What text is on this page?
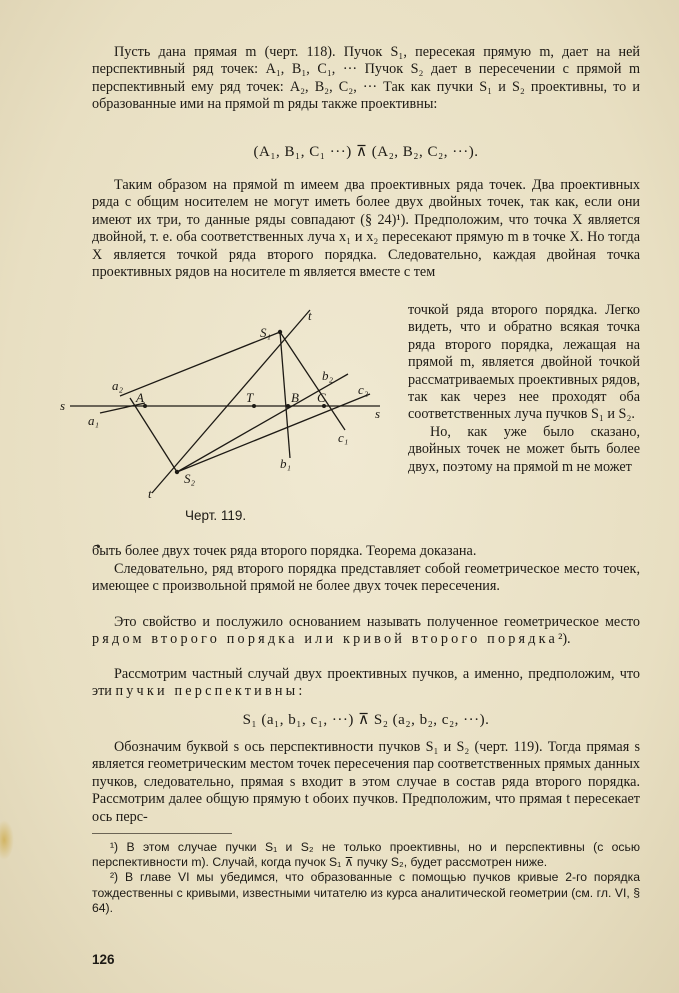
Пусть дана прямая m (черт. 118). Пучок S₁, пересекая прямую m, дает на ней перспективный ряд точек: A₁, B₁, C₁, ··· Пучок S₂ дает в пересечении с прямой m перспективный ему ряд точек: A₂, B₂, C₂, ··· Так как пучки S₁ и S₂ проективны, то и образованные ими на прямой m ряды также проективны:

(A₁, B₁, C₁ ···) ⊼ (A₂, B₂, C₂, ···).

Таким образом на прямой m имеем два проективных ряда точек. Два проективных ряда с общим носителем не могут иметь более двух двойных точек, так как, если они имеют их три, то данные ряды совпадают (§ 24)¹). Предположим, что точка X является двойной, т. е. оба соответственных луча x₁ и x₂ пересекают прямую m в точке X. Но тогда X является точкой ряда второго порядка. Следовательно, каждая двойная точка проективных рядов на носителе m является вместе с тем

S₁
S₂
A	T	B C
s
s
a₂
a₁
b₂
b₁
c₂
c₁
t
t
Черт. 119.

точкой ряда второго порядка. Легко видеть, что и обратно всякая точка ряда второго порядка, лежащая на прямой m, является двойной точкой рассматриваемых проективных рядов, так как через нее проходят оба соответственных луча пучков S₁ и S₂.

Но, как уже было сказано, двойных точек не может быть более двух, поэтому на прямой m не может

быть более двух точек ряда второго порядка. Теорема доказана.

Следовательно, ряд второго порядка представляет собой геометрическое место точек, имеющее с произвольной прямой не более двух точек пересечения.

Это свойство и послужило основанием называть полученное геометрическое место рядом второго порядка или кривой второго порядка²).

Рассмотрим частный случай двух проективных пучков, а именно, предположим, что эти пучки перспективны:

S₁ (a₁, b₁, c₁, ···) ⊼ S₂ (a₂, b₂, c₂, ···).

Обозначим буквой s ось перспективности пучков S₁ и S₂ (черт. 119). Тогда прямая s является геометрическим местом точек пересечения пар соответственных прямых данных пучков, следовательно, прямая s входит в этом случае в состав ряда второго порядка. Рассмотрим далее общую прямую t обоих пучков. Предположим, что прямая t пересекает ось перс-

¹) В этом случае пучки S₁ и S₂ не только проективны, но и перспективны (с осью перспективности m). Случай, когда пучок S₁ ⊼ пучку S₂, будет рассмотрен ниже.

²) В главе VI мы убедимся, что образованные с помощью пучков кривые 2-го порядка тождественны с кривыми, известными читателю из курса аналитической геометрии (см. гл. VI, § 64).

126
